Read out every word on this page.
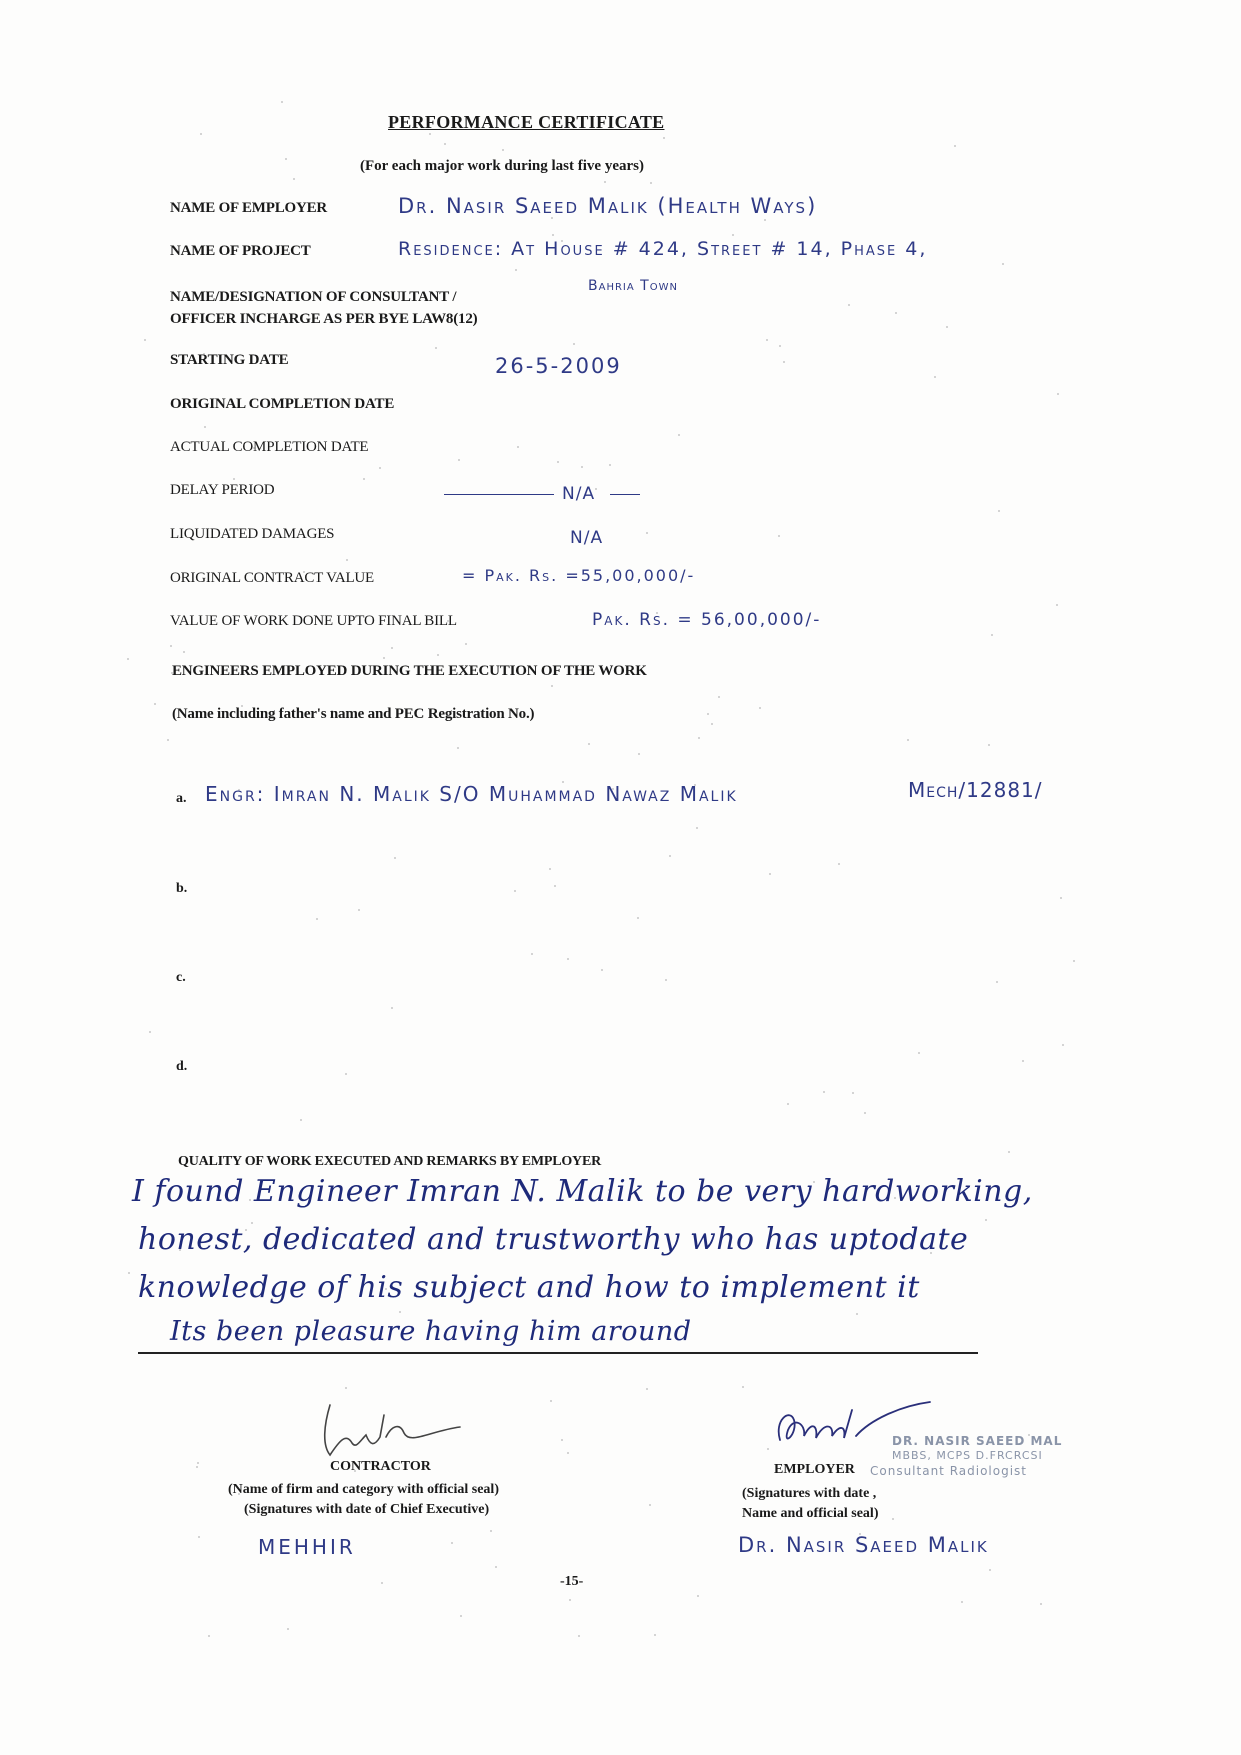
PERFORMANCE CERTIFICATE
(For each major work during last five years)
NAME OF EMPLOYER	Dr. Nasir Saeed Malik (Health Ways)
NAME OF PROJECT	Residence: At House # 424, Street # 14, Phase 4,
Bahria Town
NAME/DESIGNATION OF CONSULTANT /
OFFICER INCHARGE AS PER BYE LAW8(12)
STARTING DATE	26-5-2009
ORIGINAL COMPLETION DATE
ACTUAL COMPLETION DATE
DELAY PERIOD	N/A
LIQUIDATED DAMAGES	N/A
ORIGINAL CONTRACT VALUE	= Pak. Rs. =55,00,000/-
VALUE OF WORK DONE UPTO FINAL BILL	Pak. Rs. = 56,00,000/-
ENGINEERS EMPLOYED DURING THE EXECUTION OF THE WORK
(Name including father's name and PEC Registration No.)
a. Engr: Imran N. Malik S/O Muhammad Nawaz Malik	Mech/12881/
b.
c.
d.
QUALITY OF WORK EXECUTED AND REMARKS BY EMPLOYER
I found Engineer Imran N. Malik to be very hardworking,
honest, dedicated and trustworthy who has uptodate
knowledge of his subject and how to implement it
Its been pleasure having him around
CONTRACTOR
(Name of firm and category with official seal)
(Signatures with date of Chief Executive)
MEHHIR
DR. NASIR SAEED MAL
MBBS, MCPS D.FRCRCSI
Consultant Radiologist
EMPLOYER
(Signatures with date ,
Name and official seal)
Dr. Nasir Saeed Malik
-15-
